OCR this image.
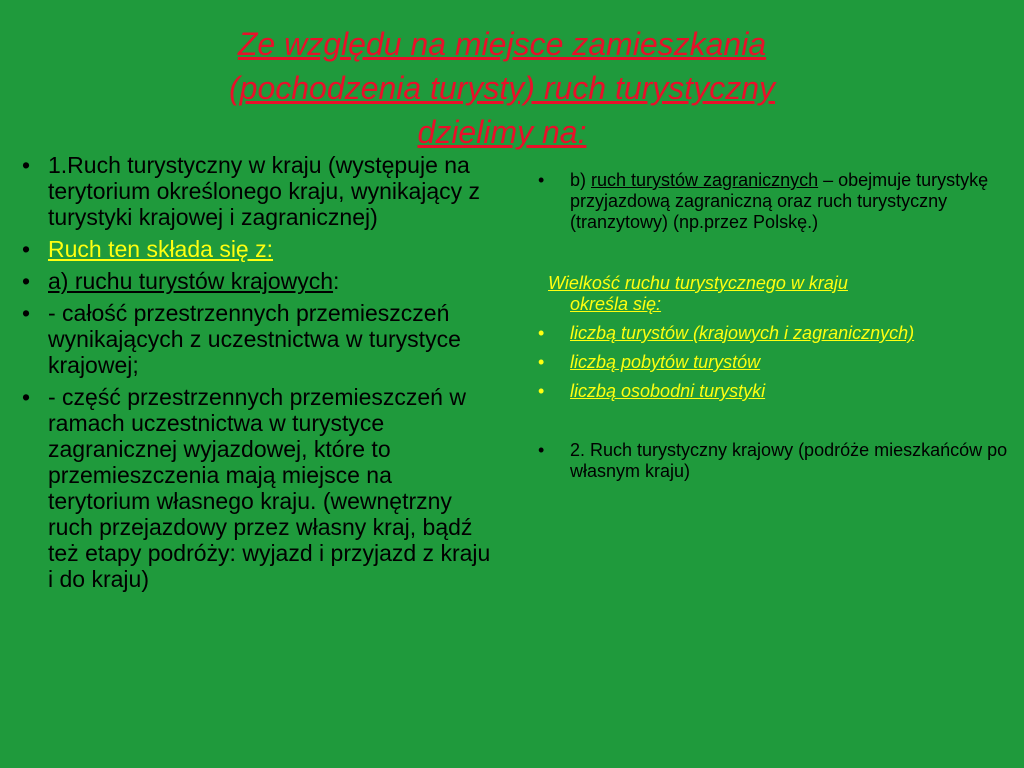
Ze względu na miejsce zamieszkania
(pochodzenia turysty) ruch turystyczny
dzielimy na:
• 1.Ruch turystyczny w kraju (występuje na terytorium określonego kraju, wynikający z turystyki krajowej i zagranicznej)
• Ruch ten składa się z:
• a) ruchu turystów krajowych:
• - całość przestrzennych przemieszczeń wynikających z uczestnictwa w turystyce krajowej;
• - część przestrzennych przemieszczeń w ramach uczestnictwa w turystyce zagranicznej wyjazdowej, które to przemieszczenia mają miejsce na terytorium własnego kraju. (wewnętrzny ruch przejazdowy przez własny kraj, bądź też etapy podróży: wyjazd i przyjazd z kraju i do kraju)
• b) ruch turystów zagranicznych – obejmuje turystykę przyjazdową zagraniczną oraz ruch turystyczny (tranzytowy) (np.przez Polskę.)
Wielkość ruchu turystycznego w kraju
określa się:
• liczbą turystów (krajowych i zagranicznych)
• liczbą pobytów turystów
• liczbą osobodni turystyki
• 2. Ruch turystyczny krajowy (podróże mieszkańców po własnym kraju)
